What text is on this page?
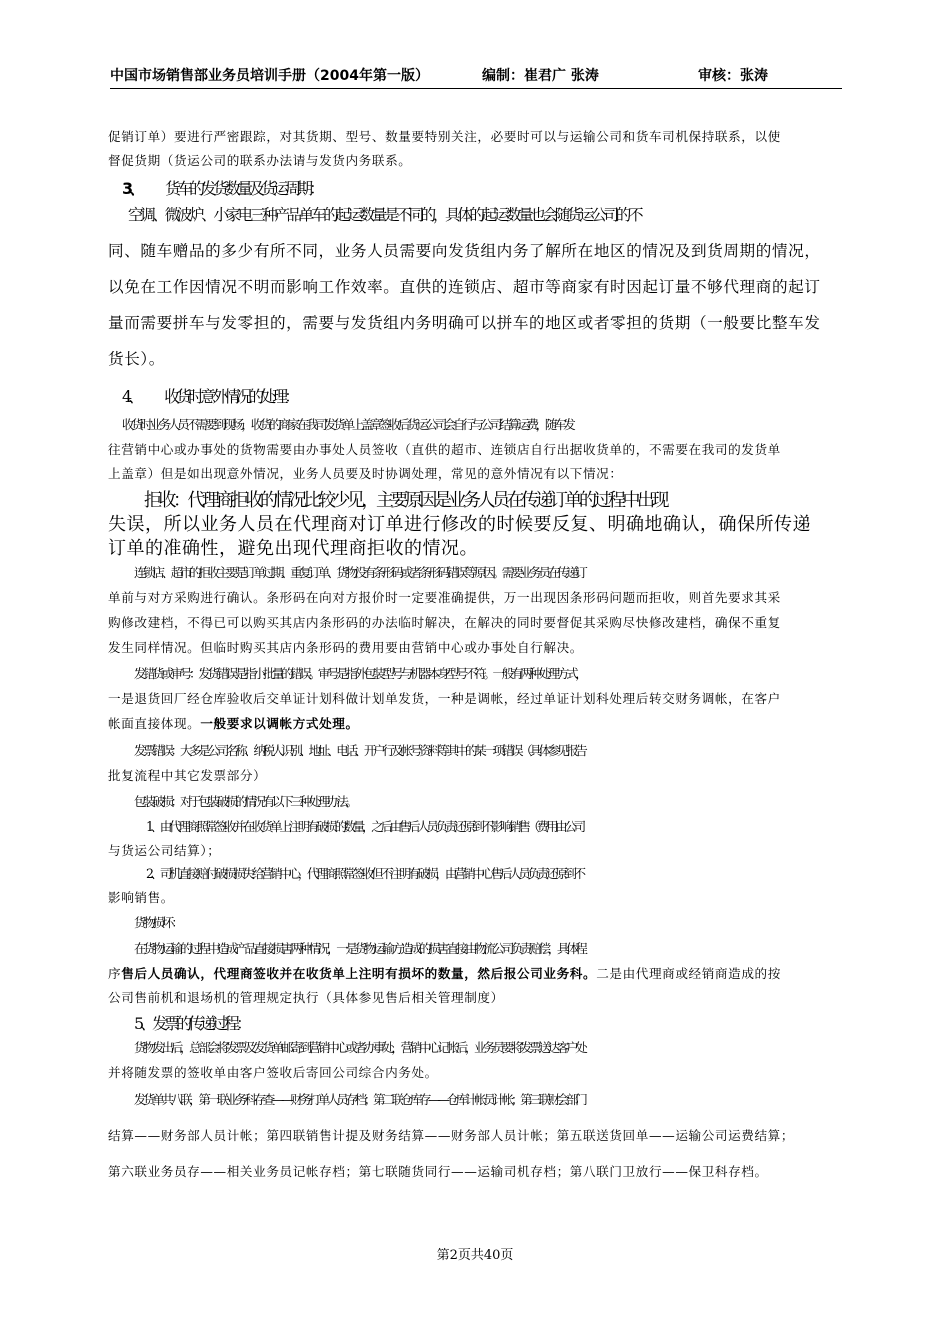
中国市场销售部业务员培训手册（2004年第一版）	编制：崔君广 张涛	审核：张涛

促销订单）要进行严密跟踪，对其货期、型号、数量要特别关注，必要时可以与运输公司和货车司机保持联系，以使

督促货期（货运公司的联系办法请与发货内务联系。

3、 货车的发货数量及货运周期：

空调、微波炉、小家电三种产品单车的起运数量是不同的，具体的起运数量也会随货运公司的不

同、随车赠品的多少有所不同，业务人员需要向发货组内务了解所在地区的情况及到货周期的情况，

以免在工作因情况不明而影响工作效率。直供的连锁店、超市等商家有时因起订量不够代理商的起订

量而需要拼车与发零担的，需要与发货组内务明确可以拼车的地区或者零担的货期（一般要比整车发

货长）。

4、 收货时意外情况的处理：

收货时业务人员不需要到现场，收货的商家在我司发货单上盖章签收后货运公司会自行与公司结算运费，随车发

往营销中心或办事处的货物需要由办事处人员签收（直供的超市、连锁店自行出据收货单的，不需要在我司的发货单

上盖章）但是如出现意外情况，业务人员要及时协调处理，常见的意外情况有以下情况：

拒收：代理商拒收的情况比较少见，主要原因是业务人员在传递订单的过程中出现

失误，所以业务人员在代理商对订单进行修改的时候要反复、明确地确认，确保所传递

订单的准确性，避免出现代理商拒收的情况。

连锁店、超市的拒收主要是订单过期、重复订单、货物没有条形码或者条形码错误等原因。需要业务员在传递订

单前与对方采购进行确认。条形码在向对方报价时一定要准确提供，万一出现因条形码问题而拒收，则首先要求其采

购修改建档，不得已可以购买其店内条形码的办法临时解决，在解决的同时要督促其采购尽快修改建档，确保不重复

发生同样情况。但临时购买其店内条形码的费用要由营销中心或办事处自行解决。

发错货或审号：发货错误是指小批量的错误。审号是指外包装型号与机器本身型号不符。一般有两种处理方式，

一是退货回厂经仓库验收后交单证计划科做计划单发货，一种是调帐，经过单证计划科处理后转交财务调帐，在客户

帐面直接体现。一般要求以调帐方式处理。

发票错误：大多是公司名称、纳税人识别、地址、电话、开户行及帐号资料等其中的某一项错误（具体参见报告

批复流程中其它发票部分）

包装破损：对于包装破损的情况有以下三种处理办法。

1、由代理商照常签收并在收货单上注明有破损的数量，之后由售后人员负责还原到不影响销售（费用由公司

与货运公司结算）；

2、司机直接赔付破损损失给营销中心，代理商照常签收但不注明有破损，由营销中心售后人员负责还原到不

影响销售。

货物损坏 ：

在货物运输的过程中造成产品直接损害两种情况，一是货物运输方造成的损害直接由物流公司负责赔偿，具体程

序售后人员确认，代理商签收并在收货单上注明有损坏的数量，然后报公司业务科。二是由代理商或经销商造成的按

公司售前机和退场机的管理规定执行（具体参见售后相关管理制度）

5、发票的传递过程：

货物发出后，总部会将发票及发货单邮寄到营销中心或者办事处，营销中心记帐后，业务员要将发票送达客户处

并将随发票的签收单由客户签收后寄回公司综合内务处。

发货单共八联，第一联业务科存查——财务打单人员存档；第二联仓库存——仓库计帐员计帐；第三联财会部门

结算——财务部人员计帐；第四联销售计提及财务结算——财务部人员计帐；第五联送货回单——运输公司运费结算；

第六联业务员存——相关业务员记帐存档；第七联随货同行——运输司机存档；第八联门卫放行——保卫科存档。

第2页共40页
